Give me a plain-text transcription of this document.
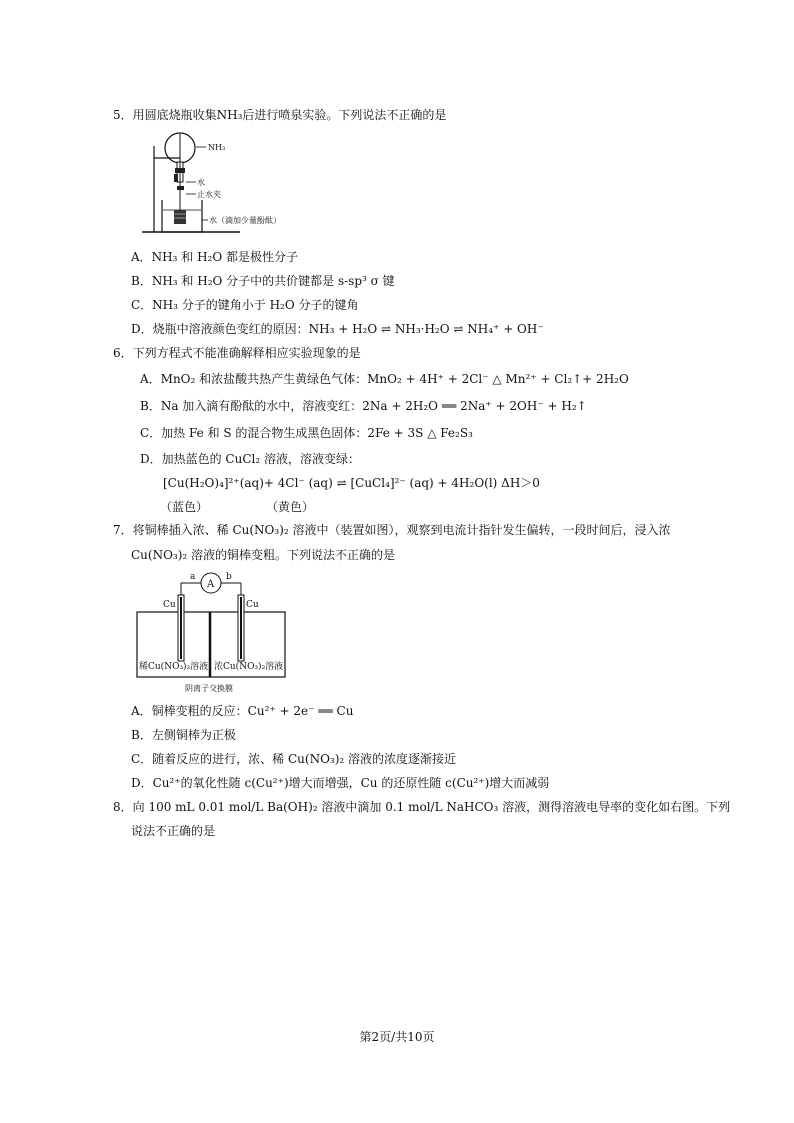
5．用圆底烧瓶收集NH₃后进行喷泉实验。下列说法不正确的是
NH₃
水
止水夹
水（滴加少量酚酞）
A．NH₃ 和 H₂O 都是极性分子
B．NH₃ 和 H₂O 分子中的共价键都是 s-sp³ σ 键
C．NH₃ 分子的键角小于 H₂O 分子的键角
D．烧瓶中溶液颜色变红的原因：NH₃ + H₂O ⇌ NH₃·H₂O ⇌ NH₄⁺ + OH⁻
6．下列方程式不能准确解释相应实验现象的是
A．MnO₂ 和浓盐酸共热产生黄绿色气体：MnO₂ + 4H⁺ + 2Cl⁻ △ Mn²⁺ + Cl₂↑+ 2H₂O
B．Na 加入滴有酚酞的水中，溶液变红：2Na + 2H₂O ══ 2Na⁺ + 2OH⁻ + H₂↑
C．加热 Fe 和 S 的混合物生成黑色固体：2Fe + 3S △ Fe₂S₃
D．加热蓝色的 CuCl₂ 溶液，溶液变绿：
[Cu(H₂O)₄]²⁺(aq)+ 4Cl⁻ (aq) ⇌ [CuCl₄]²⁻ (aq) + 4H₂O(l) ΔH＞0
（蓝色）	（黄色）
7．将铜棒插入浓、稀 Cu(NO₃)₂ 溶液中（装置如图），观察到电流计指针发生偏转，一段时间后，浸入浓
Cu(NO₃)₂ 溶液的铜棒变粗。下列说法不正确的是
A
a	b
Cu	Cu
稀Cu(NO₃)₂溶液 浓Cu(NO₃)₂溶液
阴离子交换膜
A．铜棒变粗的反应：Cu²⁺ + 2e⁻ ══ Cu
B．左侧铜棒为正极
C．随着反应的进行，浓、稀 Cu(NO₃)₂ 溶液的浓度逐渐接近
D．Cu²⁺的氧化性随 c(Cu²⁺)增大而增强，Cu 的还原性随 c(Cu²⁺)增大而减弱
8．向 100 mL 0.01 mol/L Ba(OH)₂ 溶液中滴加 0.1 mol/L NaHCO₃ 溶液，测得溶液电导率的变化如右图。下列
说法不正确的是
第2页/共10页
